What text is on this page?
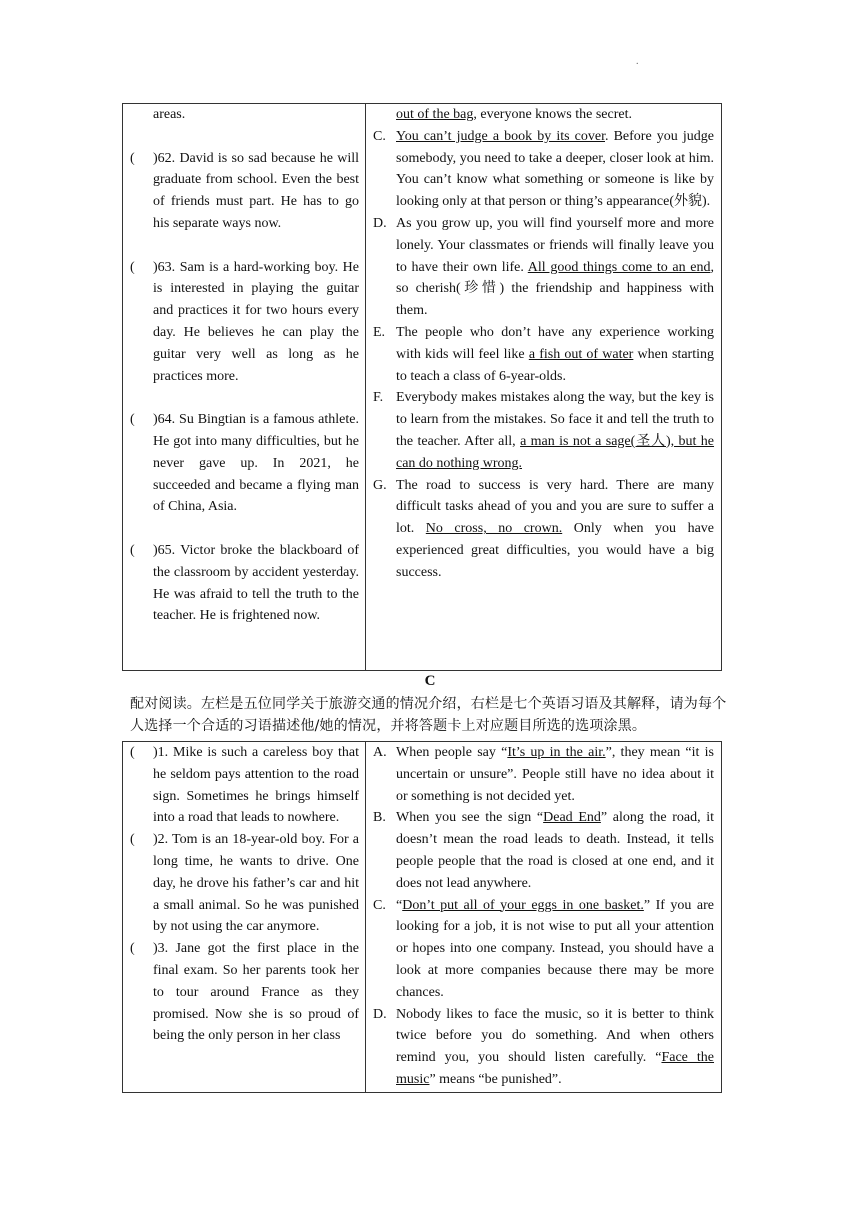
.
areas.
( )62. David is so sad because he will graduate from school. Even the best of friends must part. He has to go his separate ways now.
( )63. Sam is a hard-working boy. He is interested in playing the guitar and practices it for two hours every day. He believes he can play the guitar very well as long as he practices more.
( )64. Su Bingtian is a famous athlete. He got into many difficulties, but he never gave up. In 2021, he succeeded and became a flying man of China, Asia.
( )65. Victor broke the blackboard of the classroom by accident yesterday. He was afraid to tell the truth to the teacher. He is frightened now.

out of the bag, everyone knows the secret.
C. You can’t judge a book by its cover. Before you judge somebody, you need to take a deeper, closer look at him. You can’t know what something or someone is like by looking only at that person or thing’s appearance(外貌).
D. As you grow up, you will find yourself more and more lonely. Your classmates or friends will finally leave you to have their own life. All good things come to an end, so cherish(珍惜) the friendship and happiness with them.
E. The people who don’t have any experience working with kids will feel like a fish out of water when starting to teach a class of 6-year-olds.
F. Everybody makes mistakes along the way, but the key is to learn from the mistakes. So face it and tell the truth to the teacher. After all, a man is not a sage(圣人), but he can do nothing wrong.
G. The road to success is very hard. There are many difficult tasks ahead of you and you are sure to suffer a lot. No cross, no crown. Only when you have experienced great difficulties, you would have a big success.
C
配对阅读。左栏是五位同学关于旅游交通的情况介绍，右栏是七个英语习语及其解释，请为每个人选择一个合适的习语描述他/她的情况，并将答题卡上对应题目所选的选项涂黑。
( )1. Mike is such a careless boy that he seldom pays attention to the road sign. Sometimes he brings himself into a road that leads to nowhere.
( )2. Tom is an 18-year-old boy. For a long time, he wants to drive. One day, he drove his father’s car and hit a small animal. So he was punished by not using the car anymore.
( )3. Jane got the first place in the final exam. So her parents took her to tour around France as they promised. Now she is so proud of being the only person in her class

A. When people say “It’s up in the air.”, they mean “it is uncertain or unsure”. People still have no idea about it or something is not decided yet.
B. When you see the sign “Dead End” along the road, it doesn’t mean the road leads to death. Instead, it tells people people that the road is closed at one end, and it does not lead anywhere.
C. “Don’t put all of your eggs in one basket.” If you are looking for a job, it is not wise to put all your attention or hopes into one company. Instead, you should have a look at more companies because there may be more chances.
D. Nobody likes to face the music, so it is better to think twice before you do something. And when others remind you, you should listen carefully. “Face the music” means “be punished”.
